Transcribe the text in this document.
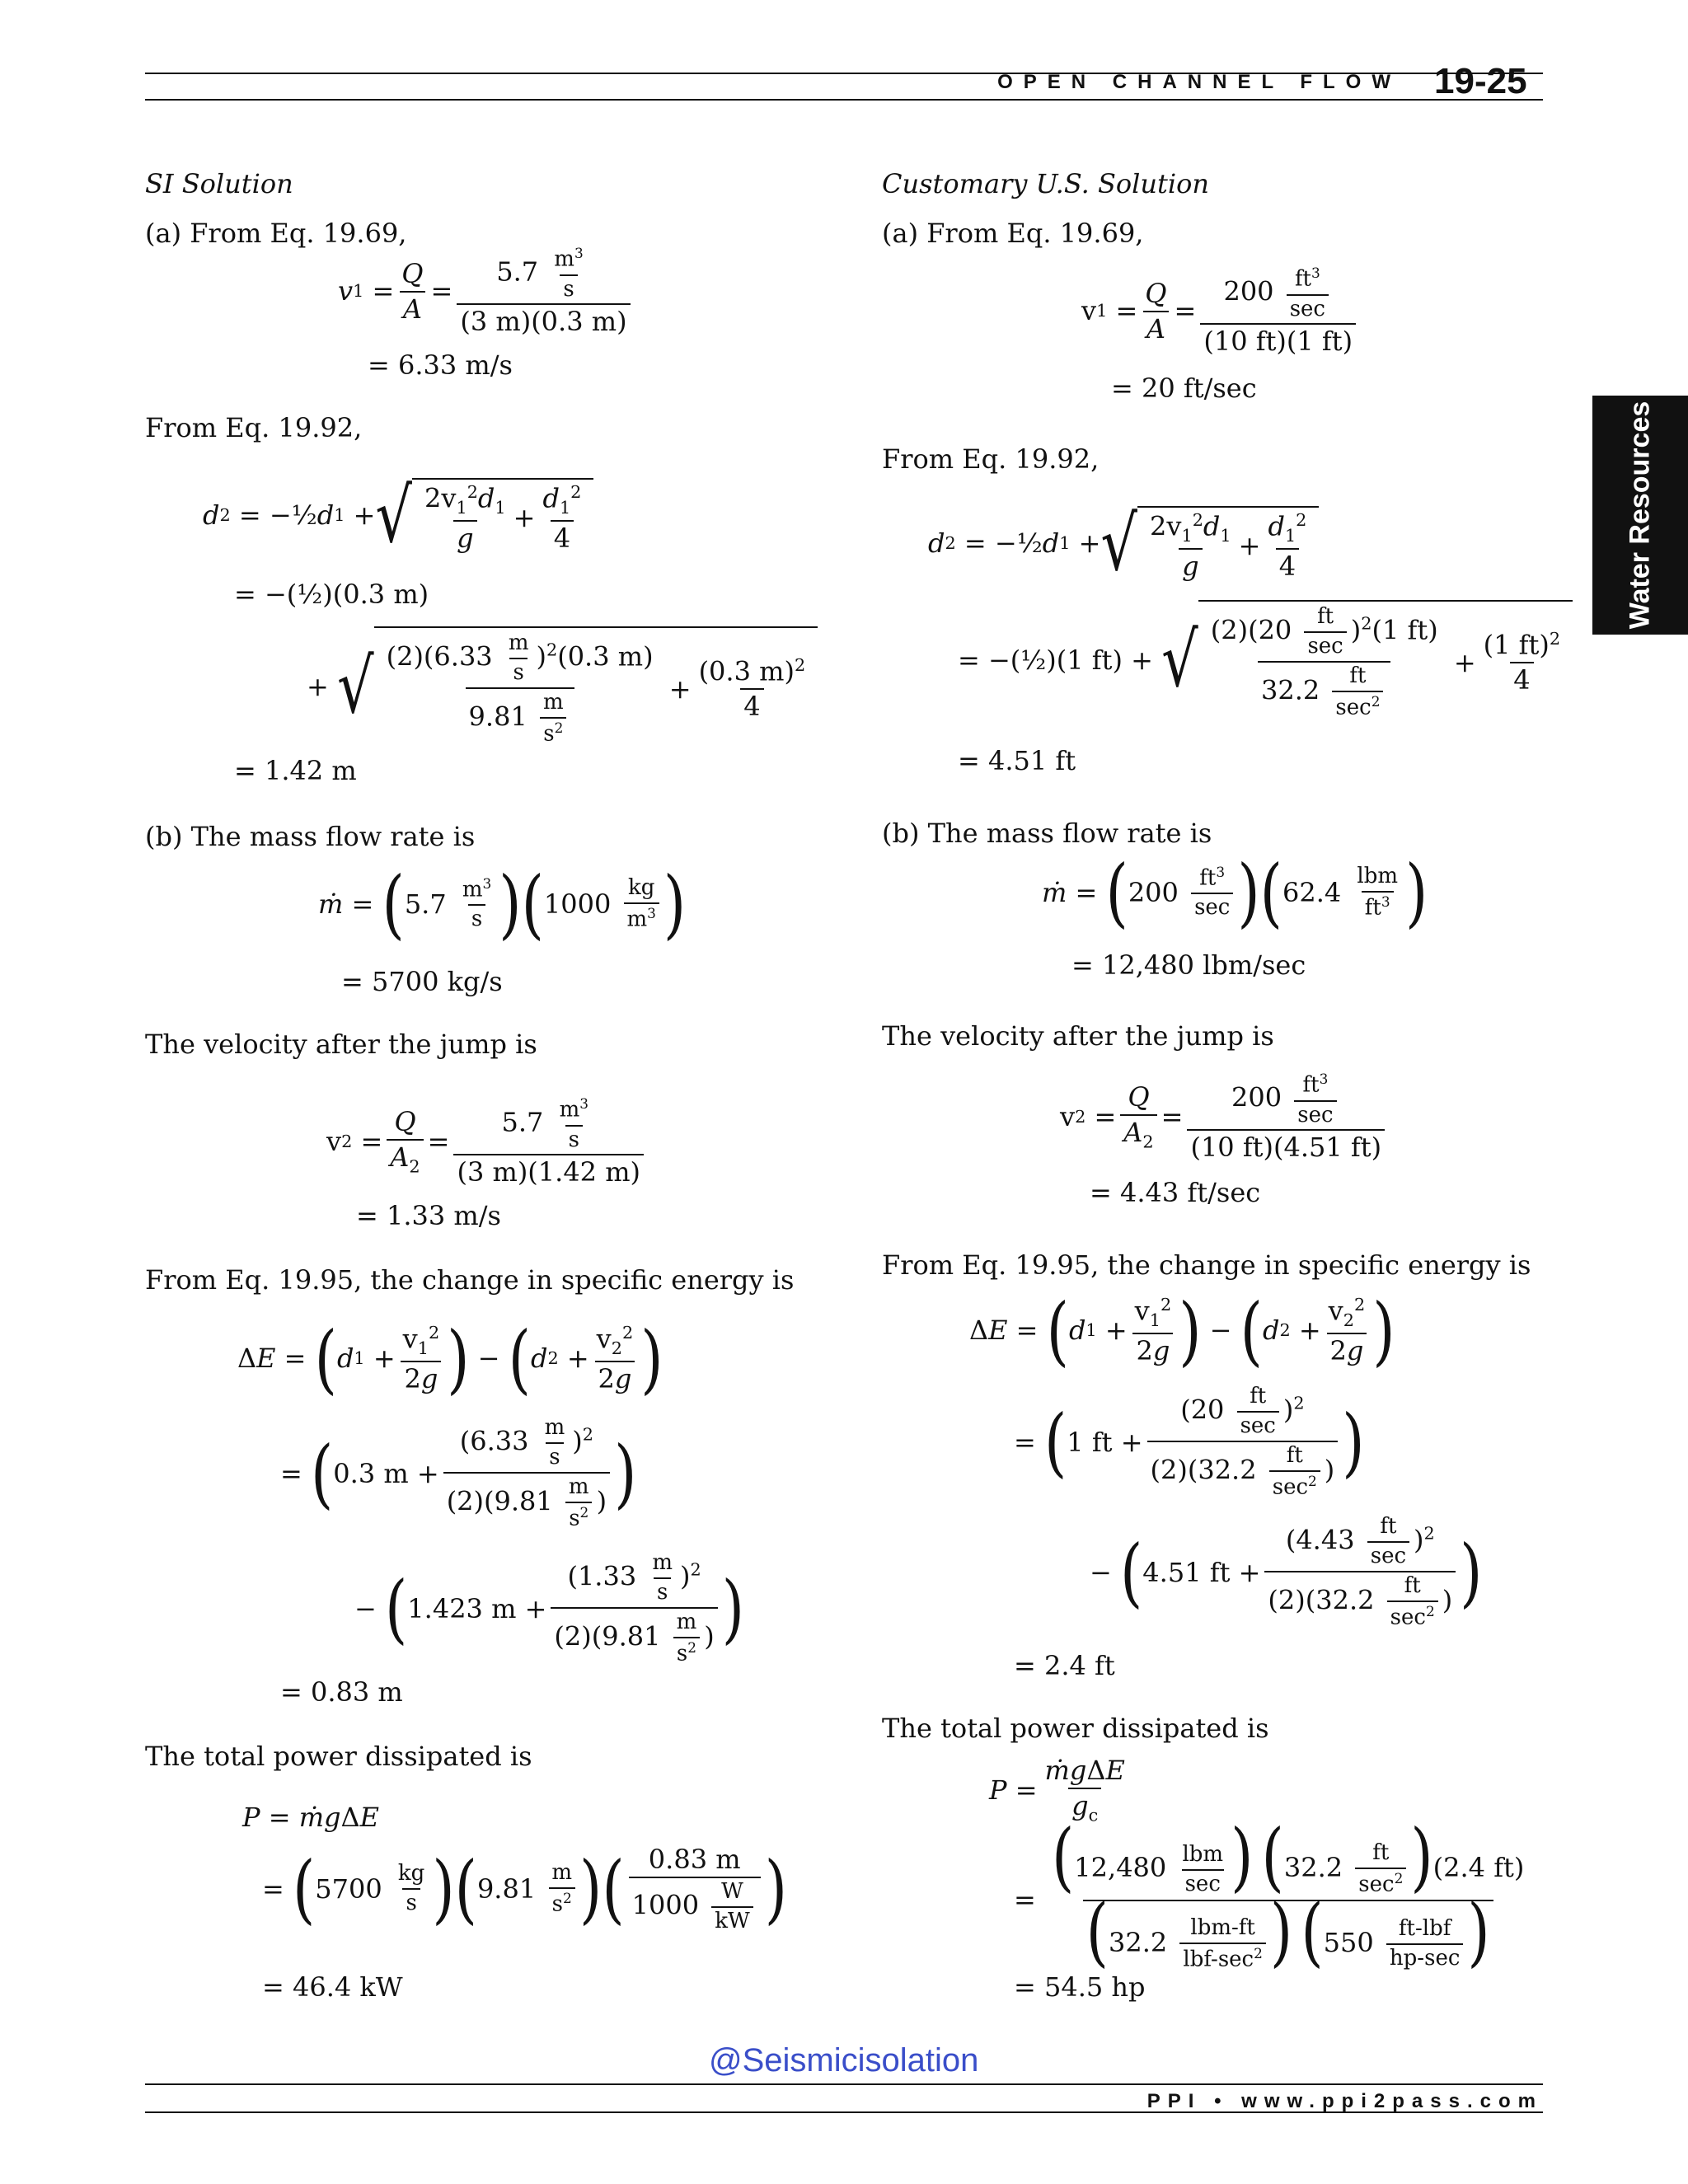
OPEN CHANNEL FLOW 19-25
Water Resources
SI Solution
(a) From Eq. 19.69,
v $1 = \frac{Q}{A} = \frac{5.7 \frac{m^3}{s}}{(3 m)(0.3 m)}$
= 6.33 m/s
From Eq. 19.92,
d 2 = −½ d 1 + √ $\frac{2v_1^2d_1}{g} + \frac{d_1^2}{4}$
= −(½)(0.3 m)
+ √ $\frac{(2)(6.33 \frac{m}{s} )^2(0.3 m)}{9.81 \frac{m}{s^2}} + \frac{(0.3 m)^2}{4}$
= 1.42 m
(b) The mass flow rate is
ṁ = ( 5.7
$\frac{m^3}{s}$ ) ( 1000
$\frac{kg}{m^3}$ )
= 5700 kg/s
The velocity after the jump is
v $2 = \frac{Q}{A_2} = \frac{5.7 \frac{m^3}{s}}{(3 m)(1.42 m)}$
= 1.33 m/s
From Eq. 19.95, the change in specific energy is
Δ E = ( d $1 + \frac{v_1^2}{2g}$ ) − ( d $2 + \frac{v_2^2}{2g}$ )
= ( 0.3 $m + \frac{(6.33 \frac{m}{s} )^2}{(2)(9.81 \frac{m}{s^2} )}$ )
− ( 1.423 $m + \frac{(1.33 \frac{m}{s} )^2}{(2)(9.81 \frac{m}{s^2} )}$ )
= 0.83 m
The total power dissipated is
P = ṁgΔE
= ( 5700
$\frac{kg}{s}$ ) ( 9.81
$\frac{m}{s^2}$ ) ( $\frac{0.83 m}{1000 \frac{W}{kW}}$ )
= 46.4 kW
Customary U.S. Solution
(a) From Eq. 19.69,
v $1 = \frac{Q}{A} = \frac{200 \frac{ft^3}{\sec}}{(10 ft)(1 ft)}$
= 20 ft/sec
From Eq. 19.92,
d 2 = −½ d 1 + √ $\frac{2v_1^2d_1}{g} + \frac{d_1^2}{4}$
= −(½)(1 ft) +
√ $\frac{(2)(20 \frac{ft}{\sec} )^2(1 ft)}{32.2 \frac{ft}{\sec^2}} + \frac{(1 ft)^2}{4}$
= 4.51 ft
(b) The mass flow rate is
ṁ = ( 200
$\frac{ft^3}{\sec}$ ) ( 62.4
$\frac{\text{lbm}}{ft^3}$ )
= 12,480 lbm/sec
The velocity after the jump is
v $2 = \frac{Q}{A_2} = \frac{200 \frac{ft^3}{\sec}}{(10 ft)(4.51 ft)}$
= 4.43 ft/sec
From Eq. 19.95, the change in specific energy is
Δ E = ( d $1 + \frac{v_1^2}{2g}$ ) − ( d $2 + \frac{v_2^2}{2g}$ )
= ( 1 ft + $\frac{(20 \frac{ft}{\sec} )^2}{(2)(32.2 \frac{ft}{\sec^2} )}$ )
− ( 4.51 ft + $\frac{(4.43 \frac{ft}{\sec} )^2}{(2)(32.2 \frac{ft}{\sec^2} )}$ )
= 2.4 ft
The total power dissipated is
$P = \frac{\text{ṁgΔE}}{g_c}$
= $\frac{(12,480 \frac{\text{lbm}}{\sec} ) (32.2 \frac{ft}{\sec^2} )(2.4 ft)}{(32.2 \frac{\text{lbm-ft}}{lbf-\sec^2} ) (550 \frac{\text{ft-lbf}}{hp-\sec} )}$
= 54.5 hp
@Seismicisolation
PPI • www.ppi2pass.com
